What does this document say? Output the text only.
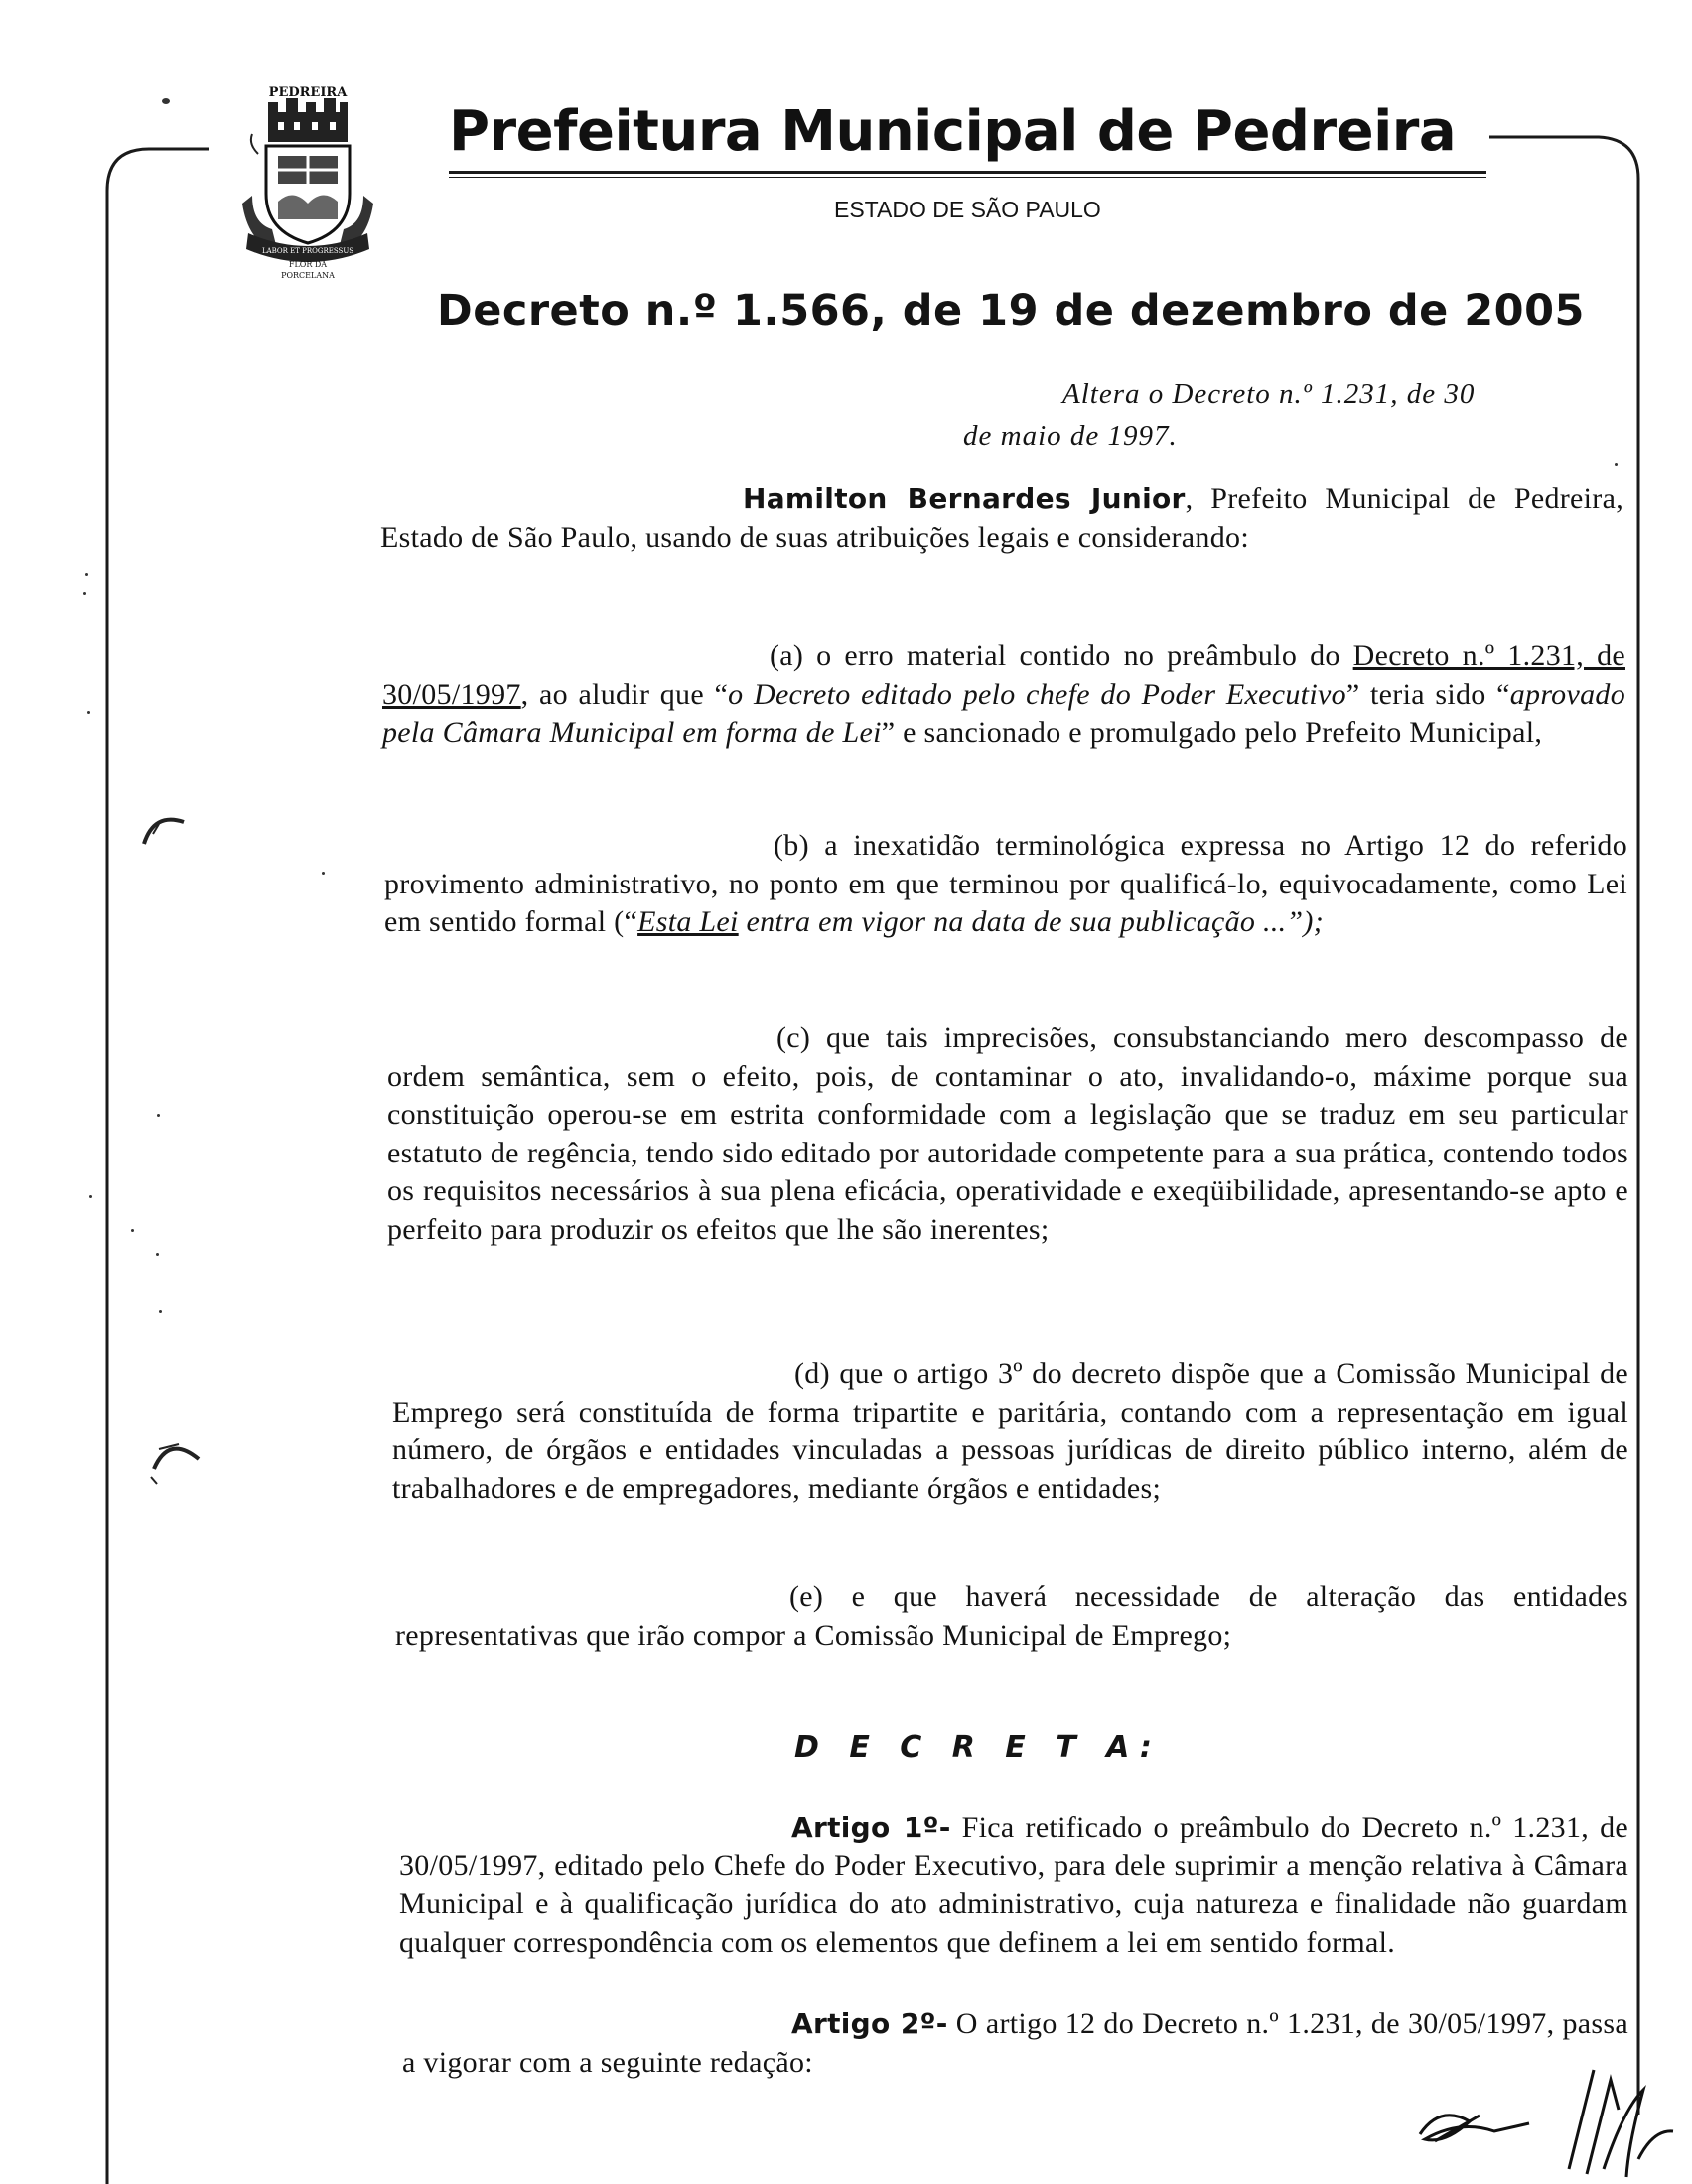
PEDREIRA
LABOR ET PROGRESSUS
FLOR DA
PORCELANA
Prefeitura Municipal de Pedreira
ESTADO DE SÃO PAULO
Decreto n.º 1.566, de 19 de dezembro de 2005
Altera o Decreto n.º 1.231, de 30
de maio de 1997.
Hamilton Bernardes Junior, Prefeito Municipal de Pedreira, Estado de São Paulo, usando de suas atribuições legais e considerando:
(a) o erro material contido no preâmbulo do Decreto n.º 1.231, de 30/05/1997, ao aludir que “o Decreto editado pelo chefe do Poder Executivo” teria sido “aprovado pela Câmara Municipal em forma de Lei” e sancionado e promulgado pelo Prefeito Municipal,
(b) a inexatidão terminológica expressa no Artigo 12 do referido provimento administrativo, no ponto em que terminou por qualificá-lo, equivocadamente, como Lei em sentido formal (“Esta Lei entra em vigor na data de sua publicação ...”);
(c) que tais imprecisões, consubstanciando mero descompasso de ordem semântica, sem o efeito, pois, de contaminar o ato, invalidando-o, máxime porque sua constituição operou-se em estrita conformidade com a legislação que se traduz em seu particular estatuto de regência, tendo sido editado por autoridade competente para a sua prática, contendo todos os requisitos necessários à sua plena eficácia, operatividade e exeqüibilidade, apresentando-se apto e perfeito para produzir os efeitos que lhe são inerentes;
(d) que o artigo 3º do decreto dispõe que a Comissão Municipal de Emprego será constituída de forma tripartite e paritária, contando com a representação em igual número, de órgãos e entidades vinculadas a pessoas jurídicas de direito público interno, além de trabalhadores e de empregadores, mediante órgãos e entidades;
(e) e que haverá necessidade de alteração das entidades representativas que irão compor a Comissão Municipal de Emprego;
D E C R E T A:
Artigo 1º- Fica retificado o preâmbulo do Decreto n.º 1.231, de 30/05/1997, editado pelo Chefe do Poder Executivo, para dele suprimir a menção relativa à Câmara Municipal e à qualificação jurídica do ato administrativo, cuja natureza e finalidade não guardam qualquer correspondência com os elementos que definem a lei em sentido formal.
Artigo 2º- O artigo 12 do Decreto n.º 1.231, de 30/05/1997, passa a vigorar com a seguinte redação:
